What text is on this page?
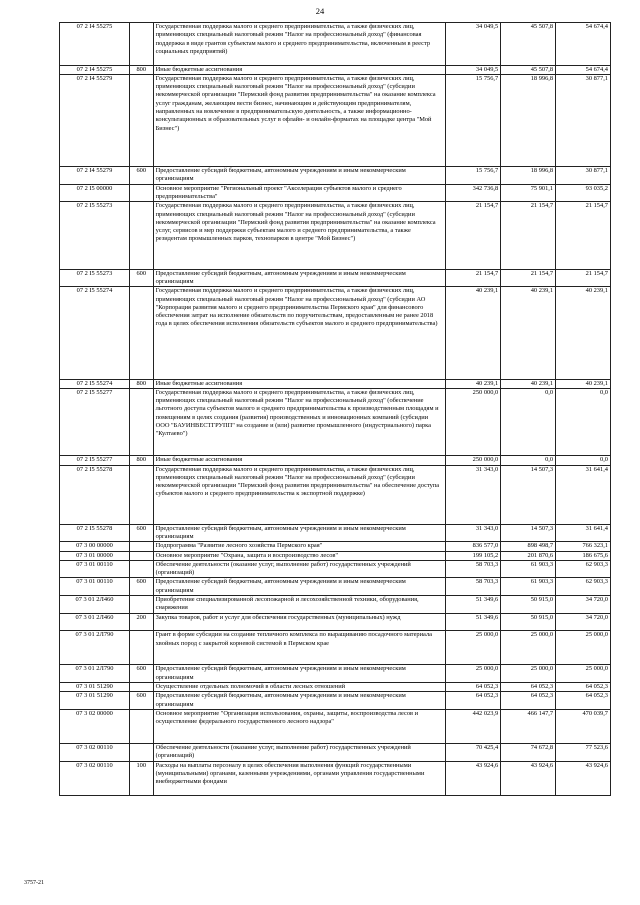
24
07 2 I4 55275		Государственная поддержка малого и среднего предпринимательства, а также физических лиц, применяющих специальный налоговый режим "Налог на профессиональный доход" (финансовая поддержка в виде грантов субъектам малого и среднего предпринимательства, включенным в реестр социальных предприятий)	34 049,5	45 507,8	54 674,4
07 2 I4 55275	800	Иные бюджетные ассигнования	34 049,5	45 507,8	54 674,4
07 2 I4 55279		Государственная поддержка малого и среднего предпринимательства, а также физических лиц, применяющих специальный налоговый режим "Налог на профессиональный доход" (субсидии некоммерческой организации "Пермский фонд развития предпринимательства" на оказание комплекса услуг гражданам, желающим вести бизнес, начинающим и действующим предпринимателям, направленных на вовлечение в предпринимательскую деятельность, а также информационно-консультационных и образовательных услуг в офлайн- и онлайн-форматах на площадке центра "Мой Бизнес")	15 756,7	18 996,8	30 877,1
07 2 I4 55279	600	Предоставление субсидий бюджетным, автономным учреждениям и иным некоммерческим организациям	15 756,7	18 996,8	30 877,1
07 2 I5 00000		Основное мероприятие "Региональный проект "Акселерация субъектов малого и среднего предпринимательства"	342 736,8	75 901,1	93 035,2
07 2 I5 55273		Государственная поддержка малого и среднего предпринимательства, а также физических лиц, применяющих специальный налоговый режим "Налог на профессиональный доход" (субсидии некоммерческой организации "Пермский фонд развития предпринимательства" на оказание комплекса услуг, сервисов и мер поддержки субъектам малого и среднего предпринимательства, а также резидентам промышленных парков, технопарков в центре "Мой Бизнес")	21 154,7	21 154,7	21 154,7
07 2 I5 55273	600	Предоставление субсидий бюджетным, автономным учреждениям и иным некоммерческим организациям	21 154,7	21 154,7	21 154,7
07 2 I5 55274		Государственная поддержка малого и среднего предпринимательства, а также физических лиц, применяющих специальный налоговый режим "Налог на профессиональный доход" (субсидии АО "Корпорация развития малого и среднего предпринимательства Пермского края" для финансового обеспечения затрат на исполнение обязательств по поручительствам, предоставленным не ранее 2018 года в целях обеспечения исполнения обязательств субъектов малого и среднего предпринимательства)	40 239,1	40 239,1	40 239,1
07 2 I5 55274	800	Иные бюджетные ассигнования	40 239,1	40 239,1	40 239,1
07 2 I5 55277		Государственная поддержка малого и среднего предпринимательства, а также физических лиц, применяющих специальный налоговый режим "Налог на профессиональный доход" (обеспечение льготного доступа субъектов малого и среднего предпринимательства к производственным площадям и помещениям в целях создания (развития) производственных и инновационных компаний (субсидии ООО "БАУИНВЕСТГРУПП" на создание и (или) развитие промышленного (индустриального) парка "Култаево")	250 000,0	0,0	0,0
07 2 I5 55277	800	Иные бюджетные ассигнования	250 000,0	0,0	0,0
07 2 I5 55278		Государственная поддержка малого и среднего предпринимательства, а также физических лиц, применяющих специальный налоговый режим "Налог на профессиональный доход" (субсидии некоммерческой организации "Пермский фонд развития предпринимательства" на обеспечение доступа субъектов малого и среднего предпринимательства к экспортной поддержке)	31 343,0	14 507,3	31 641,4
07 2 I5 55278	600	Предоставление субсидий бюджетным, автономным учреждениям и иным некоммерческим организациям	31 343,0	14 507,3	31 641,4
07 3 00 00000		Подпрограмма "Развитие лесного хозяйства Пермского края"	836 577,0	898 498,7	766 323,1
07 3 01 00000		Основное мероприятие "Охрана, защита и воспроизводство лесов"	199 105,2	201 870,6	186 675,6
07 3 01 00110		Обеспечение деятельности (оказание услуг, выполнение работ) государственных учреждений (организаций)	58 703,3	61 903,3	62 903,3
07 3 01 00110	600	Предоставление субсидий бюджетным, автономным учреждениям и иным некоммерческим организациям	58 703,3	61 903,3	62 903,3
07 3 01 2Л460		Приобретение специализированной лесопожарной и лесохозяйственной техники, оборудования, снаряжения	51 349,6	50 915,0	34 720,0
07 3 01 2Л460	200	Закупка товаров, работ и услуг для обеспечения государственных (муниципальных) нужд	51 349,6	50 915,0	34 720,0
07 3 01 2Л790		Грант в форме субсидии на создание тепличного комплекса по выращиванию посадочного материала хвойных пород с закрытой корневой системой в Пермском крае	25 000,0	25 000,0	25 000,0
07 3 01 2Л790	600	Предоставление субсидий бюджетным, автономным учреждениям и иным некоммерческим организациям	25 000,0	25 000,0	25 000,0
07 3 01 51290		Осуществление отдельных полномочий в области лесных отношений	64 052,3	64 052,3	64 052,3
07 3 01 51290	600	Предоставление субсидий бюджетным, автономным учреждениям и иным некоммерческим организациям	64 052,3	64 052,3	64 052,3
07 3 02 00000		Основное мероприятие "Организация использования, охраны, защиты, воспроизводства лесов и осуществление федерального государственного лесного надзора"	442 023,9	466 147,7	470 039,7
07 3 02 00110		Обеспечение деятельности (оказание услуг, выполнение работ) государственных учреждений (организаций)	70 425,4	74 672,8	77 523,6
07 3 02 00110	100	Расходы на выплаты персоналу в целях обеспечения выполнения функций государственными (муниципальными) органами, казенными учреждениями, органами управления государственными внебюджетными фондами	43 924,6	43 924,6	43 924,6
3757-21
